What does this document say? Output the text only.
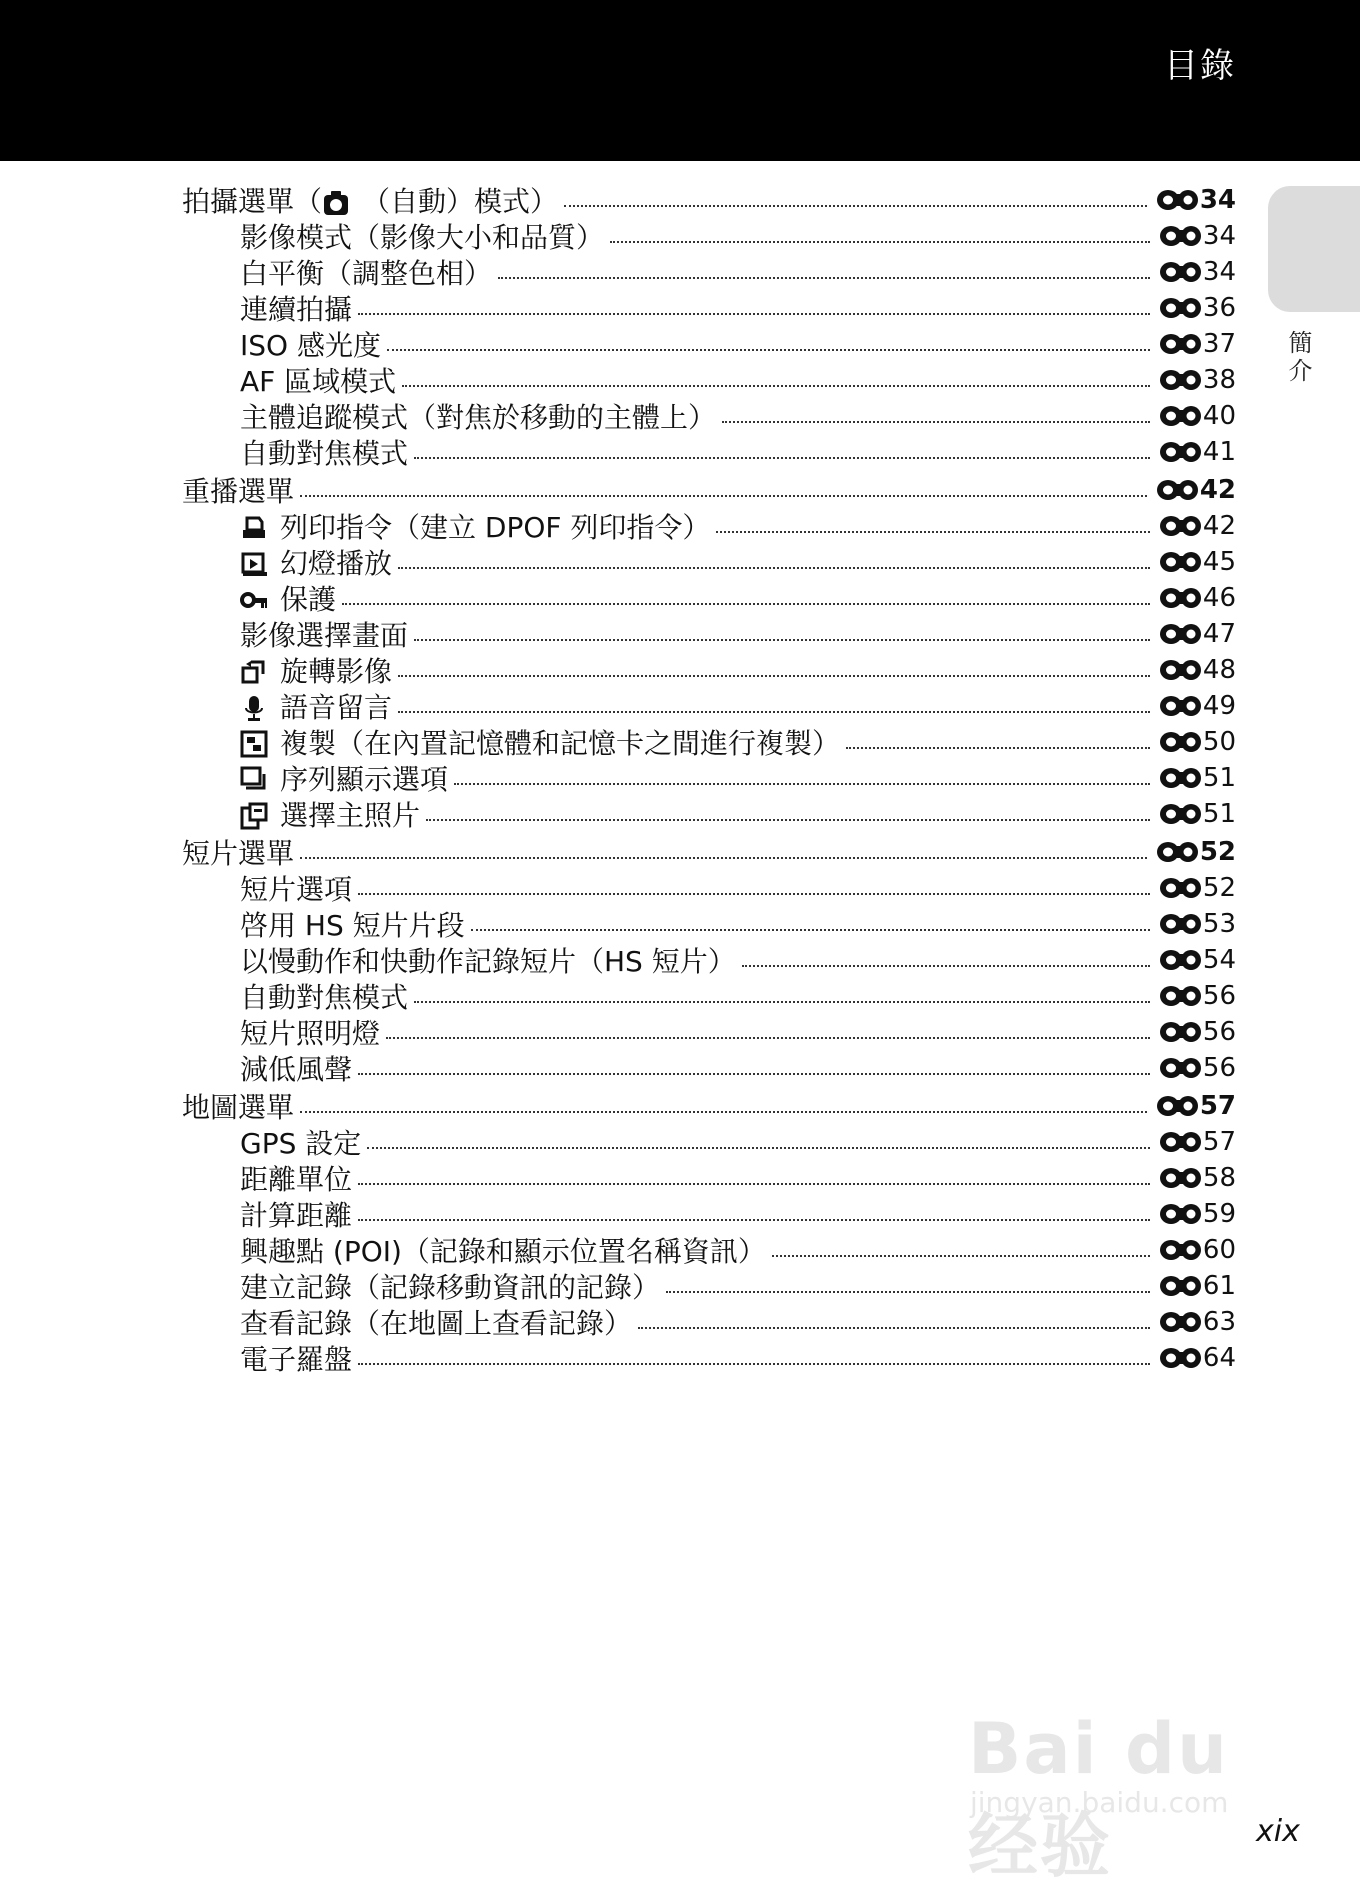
目錄
簡介
拍攝選單（ （自動）模式）	34
影像模式（影像大小和品質）	34
白平衡（調整色相）	34
連續拍攝	36
ISO 感光度	37
AF 區域模式	38
主體追蹤模式（對焦於移動的主體上）	40
自動對焦模式	41
重播選單	42
列印指令（建立 DPOF 列印指令）	42
幻燈播放	45
保護	46
影像選擇畫面	47
旋轉影像	48
語音留言	49
複製（在內置記憶體和記憶卡之間進行複製）	50
序列顯示選項	51
選擇主照片	51
短片選單	52
短片選項	52
啓用 HS 短片片段	53
以慢動作和快動作記錄短片（HS 短片）	54
自動對焦模式	56
短片照明燈	56
減低風聲	56
地圖選單	57
GPS 設定	57
距離單位	58
計算距離	59
興趣點 (POI)（記錄和顯示位置名稱資訊）	60
建立記錄（記錄移動資訊的記錄）	61
查看記錄（在地圖上查看記錄）	63
電子羅盤	64
xix
Bai du 经验
jingyan.baidu.com
